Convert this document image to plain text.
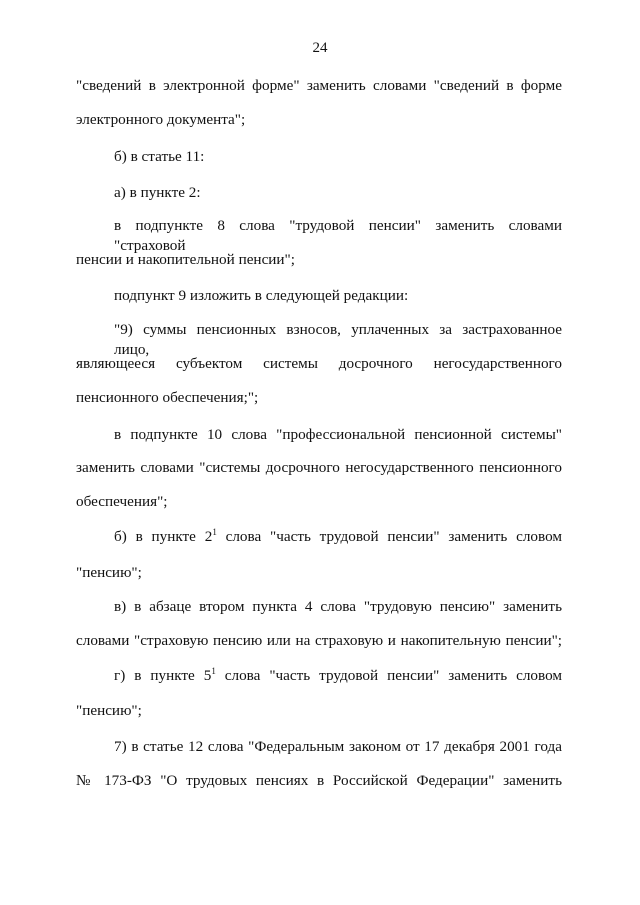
24
"сведений в электронной форме" заменить словами "сведений в форме
электронного документа";
б) в статье 11:
а) в пункте 2:
в подпункте 8 слова "трудовой пенсии" заменить словами "страховой
пенсии и накопительной пенсии";
подпункт 9 изложить в следующей редакции:
"9) суммы пенсионных взносов, уплаченных за застрахованное лицо,
являющееся субъектом системы досрочного негосударственного
пенсионного обеспечения;";
в подпункте 10 слова "профессиональной пенсионной системы"
заменить словами "системы досрочного негосударственного пенсионного
обеспечения";
б) в пункте $2^1$ слова "часть трудовой пенсии" заменить словом
"пенсию";
в) в абзаце втором пункта 4 слова "трудовую пенсию" заменить
словами "страховую пенсию или на страховую и накопительную пенсии";
г) в пункте $5^1$ слова "часть трудовой пенсии" заменить словом
"пенсию";
7) в статье 12 слова "Федеральным законом от 17 декабря 2001 года
№ 173-ФЗ "О трудовых пенсиях в Российской Федерации" заменить
